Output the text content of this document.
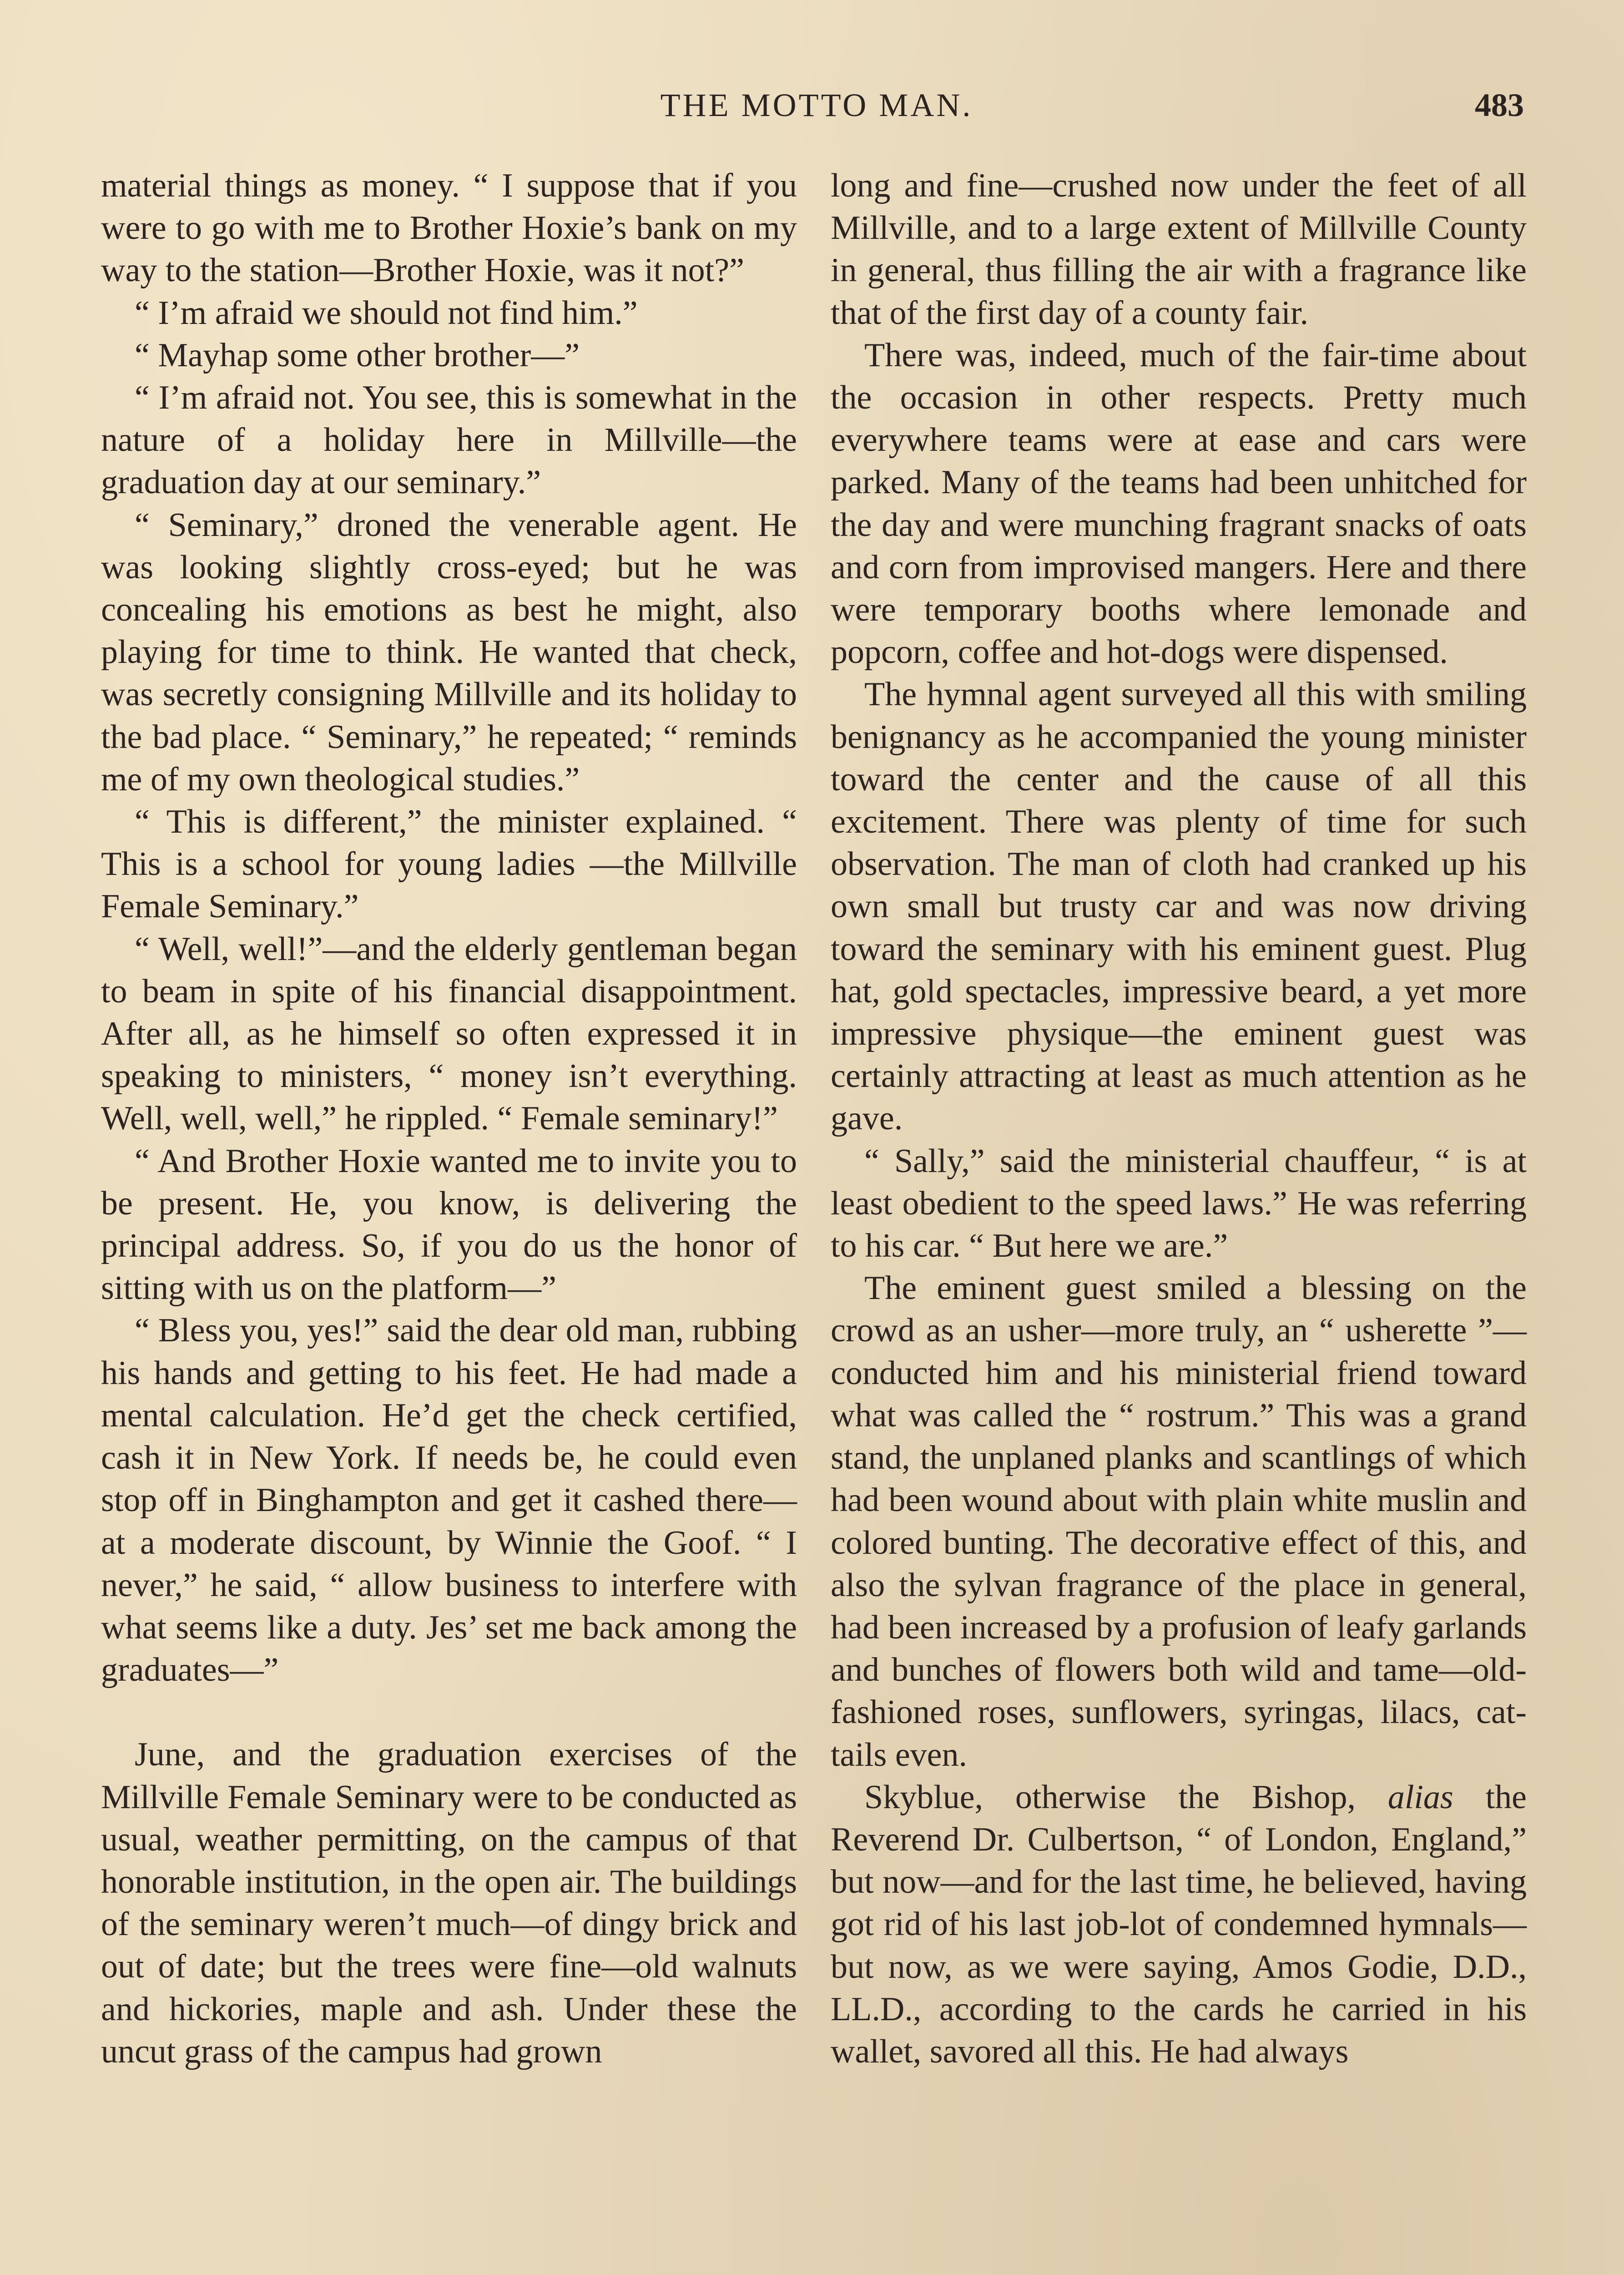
THE MOTTO MAN.	483

material things as money. “ I suppose that if you were to go with me to Brother Hoxie’s bank on my way to the station—Brother Hoxie, was it not?”

“ I’m afraid we should not find him.”

“ Mayhap some other brother—”

“ I’m afraid not. You see, this is somewhat in the nature of a holiday here in Millville—the graduation day at our seminary.”

“ Seminary,” droned the venerable agent. He was looking slightly cross-eyed; but he was concealing his emotions as best he might, also playing for time to think. He wanted that check, was secretly consigning Millville and its holiday to the bad place. “ Seminary,” he repeated; “ reminds me of my own theological studies.”

“ This is different,” the minister explained. “ This is a school for young ladies —the Millville Female Seminary.”

“ Well, well!”—and the elderly gentleman began to beam in spite of his financial disappointment. After all, as he himself so often expressed it in speaking to ministers, “ money isn’t everything. Well, well, well,” he rippled. “ Female seminary!”

“ And Brother Hoxie wanted me to invite you to be present. He, you know, is delivering the principal address. So, if you do us the honor of sitting with us on the platform—”

“ Bless you, yes!” said the dear old man, rubbing his hands and getting to his feet. He had made a mental calculation. He’d get the check certified, cash it in New York. If needs be, he could even stop off in Binghampton and get it cashed there—at a moderate discount, by Winnie the Goof. “ I never,” he said, “ allow business to interfere with what seems like a duty. Jes’ set me back among the graduates—”

June, and the graduation exercises of the Millville Female Seminary were to be conducted as usual, weather permitting, on the campus of that honorable institution, in the open air. The buildings of the seminary weren’t much—of dingy brick and out of date; but the trees were fine—old walnuts and hickories, maple and ash. Under these the uncut grass of the campus had grown

long and fine—crushed now under the feet of all Millville, and to a large extent of Millville County in general, thus filling the air with a fragrance like that of the first day of a county fair.

There was, indeed, much of the fair-time about the occasion in other respects. Pretty much everywhere teams were at ease and cars were parked. Many of the teams had been unhitched for the day and were munching fragrant snacks of oats and corn from improvised mangers. Here and there were temporary booths where lemonade and popcorn, coffee and hot-dogs were dispensed.

The hymnal agent surveyed all this with smiling benignancy as he accompanied the young minister toward the center and the cause of all this excitement. There was plenty of time for such observation. The man of cloth had cranked up his own small but trusty car and was now driving toward the seminary with his eminent guest. Plug hat, gold spectacles, impressive beard, a yet more impressive physique—the eminent guest was certainly attracting at least as much attention as he gave.

“ Sally,” said the ministerial chauffeur, “ is at least obedient to the speed laws.” He was referring to his car. “ But here we are.”

The eminent guest smiled a blessing on the crowd as an usher—more truly, an “ usherette ”—conducted him and his ministerial friend toward what was called the “ rostrum.” This was a grand stand, the unplaned planks and scantlings of which had been wound about with plain white muslin and colored bunting. The decorative effect of this, and also the sylvan fragrance of the place in general, had been increased by a profusion of leafy garlands and bunches of flowers both wild and tame—old-fashioned roses, sunflowers, syringas, lilacs, cat-tails even.

Skyblue, otherwise the Bishop, alias the Reverend Dr. Culbertson, “ of London, England,” but now—and for the last time, he believed, having got rid of his last job-lot of condemned hymnals—but now, as we were saying, Amos Godie, D.D., LL.D., according to the cards he carried in his wallet, savored all this. He had always
